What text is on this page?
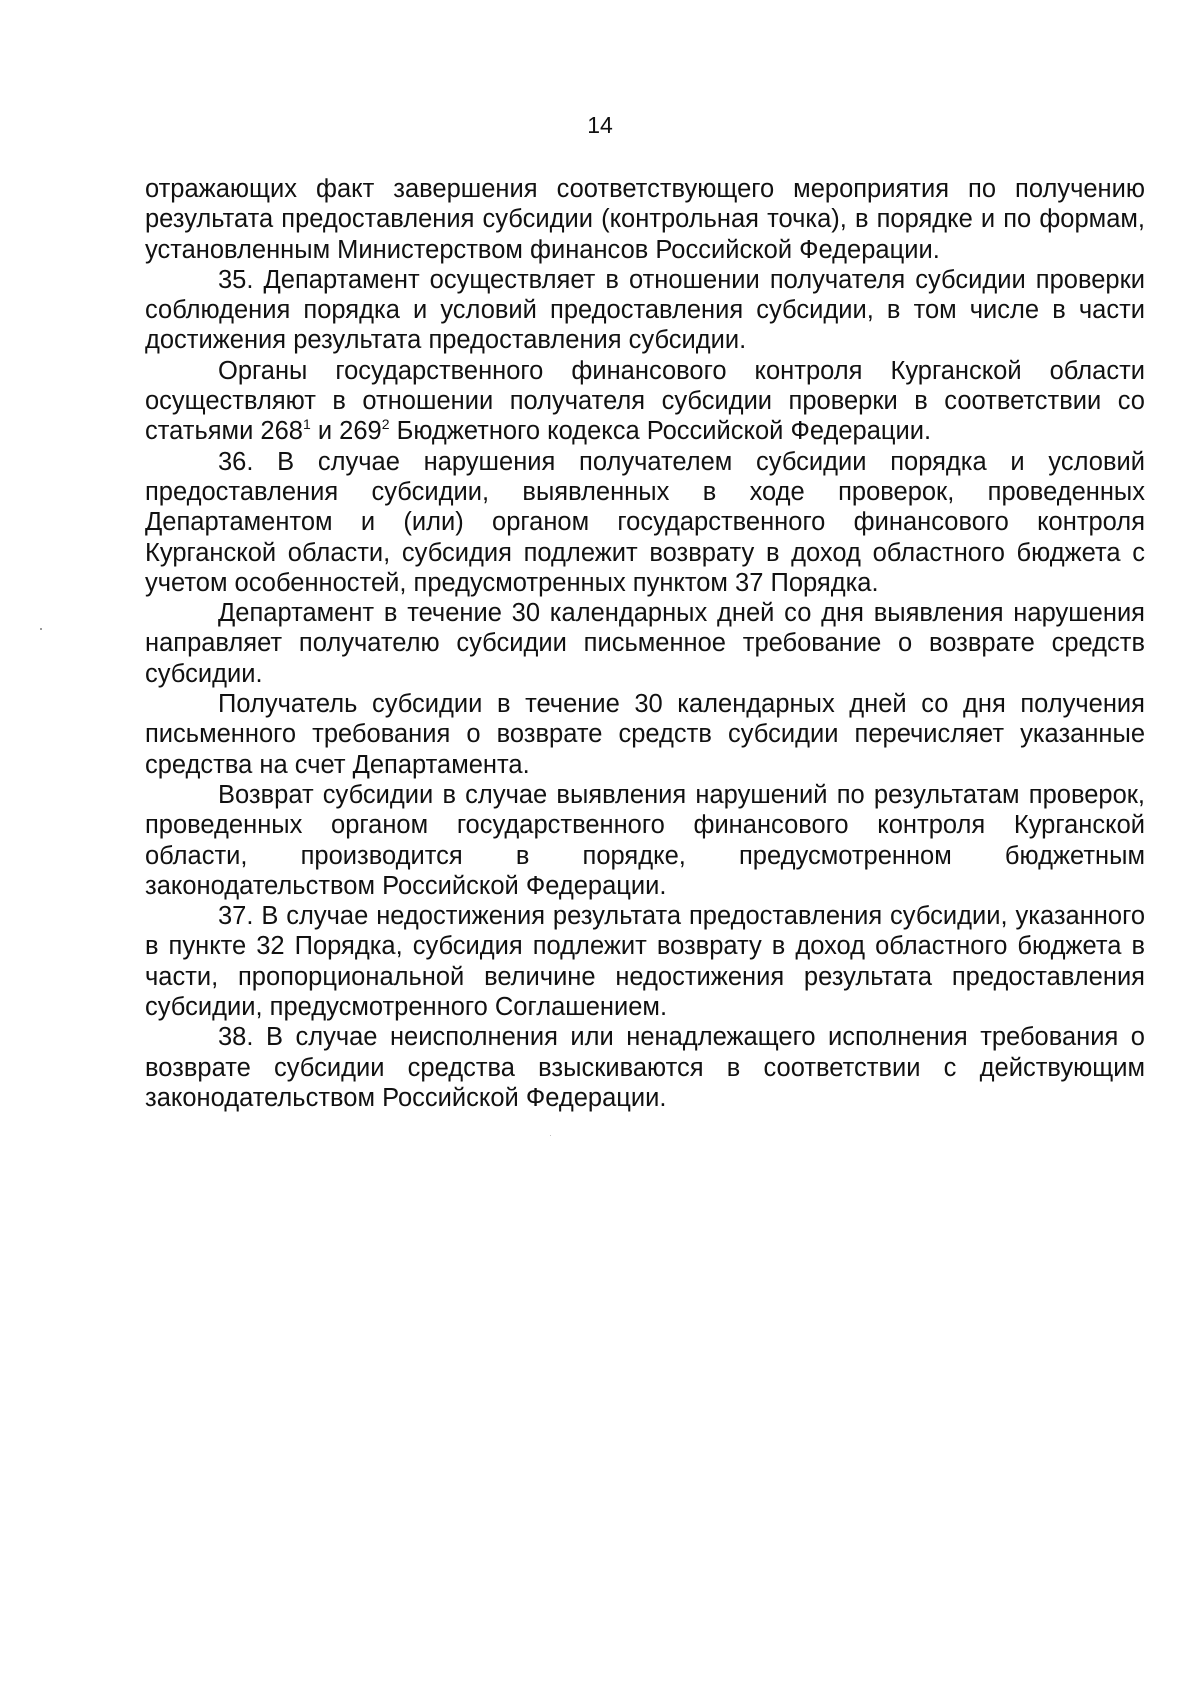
14

отражающих факт завершения соответствующего мероприятия по получению результата предоставления субсидии (контрольная точка), в порядке и по формам, установленным Министерством финансов Российской Федерации.

35. Департамент осуществляет в отношении получателя субсидии проверки соблюдения порядка и условий предоставления субсидии, в том числе в части достижения результата предоставления субсидии.

Органы государственного финансового контроля Курганской области осуществляют в отношении получателя субсидии проверки в соответствии со статьями $268^1$ и $269^2$ Бюджетного кодекса Российской Федерации.

36. В случае нарушения получателем субсидии порядка и условий предоставления субсидии, выявленных в ходе проверок, проведенных Департаментом и (или) органом государственного финансового контроля Курганской области, субсидия подлежит возврату в доход областного бюджета с учетом особенностей, предусмотренных пунктом 37 Порядка.

Департамент в течение 30 календарных дней со дня выявления нарушения направляет получателю субсидии письменное требование о возврате средств субсидии.

Получатель субсидии в течение 30 календарных дней со дня получения письменного требования о возврате средств субсидии перечисляет указанные средства на счет Департамента.

Возврат субсидии в случае выявления нарушений по результатам проверок, проведенных органом государственного финансового контроля Курганской области, производится в порядке, предусмотренном бюджетным законодательством Российской Федерации.

37. В случае недостижения результата предоставления субсидии, указанного в пункте 32 Порядка, субсидия подлежит возврату в доход областного бюджета в части, пропорциональной величине недостижения результата предоставления субсидии, предусмотренного Соглашением.

38. В случае неисполнения или ненадлежащего исполнения требования о возврате субсидии средства взыскиваются в соответствии с действующим законодательством Российской Федерации.
